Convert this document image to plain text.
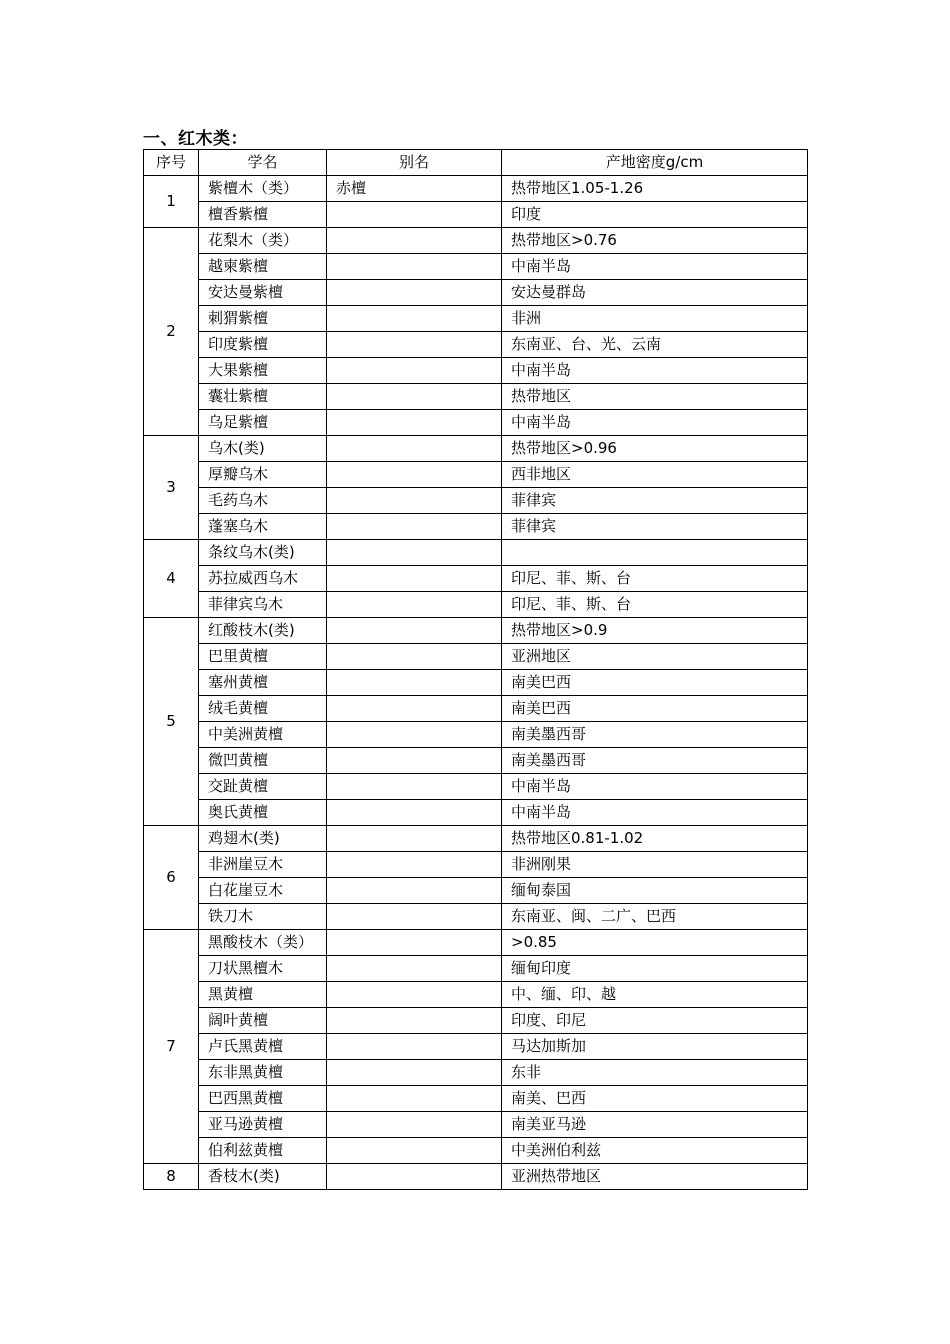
一、红木类：
序号	学名	别名	产地密度g/cm
1	紫檀木（类）	赤檀	热带地区1.05-1.26
	檀香紫檀		印度
2	花梨木（类）		热带地区>0.76
	越柬紫檀		中南半岛
	安达曼紫檀		安达曼群岛
	刺猬紫檀		非洲
	印度紫檀		东南亚、台、光、云南
	大果紫檀		中南半岛
	囊壮紫檀		热带地区
	乌足紫檀		中南半岛
3	乌木(类)		热带地区>0.96
	厚瓣乌木		西非地区
	毛药乌木		菲律宾
	蓬塞乌木		菲律宾
4	条纹乌木(类)		
	苏拉威西乌木		印尼、菲、斯、台
	菲律宾乌木		印尼、菲、斯、台
5	红酸枝木(类)		热带地区>0.9
	巴里黄檀		亚洲地区
	塞州黄檀		南美巴西
	绒毛黄檀		南美巴西
	中美洲黄檀		南美墨西哥
	微凹黄檀		南美墨西哥
	交趾黄檀		中南半岛
	奥氏黄檀		中南半岛
6	鸡翅木(类)		热带地区0.81-1.02
	非洲崖豆木		非洲刚果
	白花崖豆木		缅甸泰国
	铁刀木		东南亚、闽、二广、巴西
7	黑酸枝木（类）		>0.85
	刀状黑檀木		缅甸印度
	黑黄檀		中、缅、印、越
	阔叶黄檀		印度、印尼
	卢氏黑黄檀		马达加斯加
	东非黑黄檀		东非
	巴西黑黄檀		南美、巴西
	亚马逊黄檀		南美亚马逊
	伯利兹黄檀		中美洲伯利兹
8	香枝木(类)		亚洲热带地区
